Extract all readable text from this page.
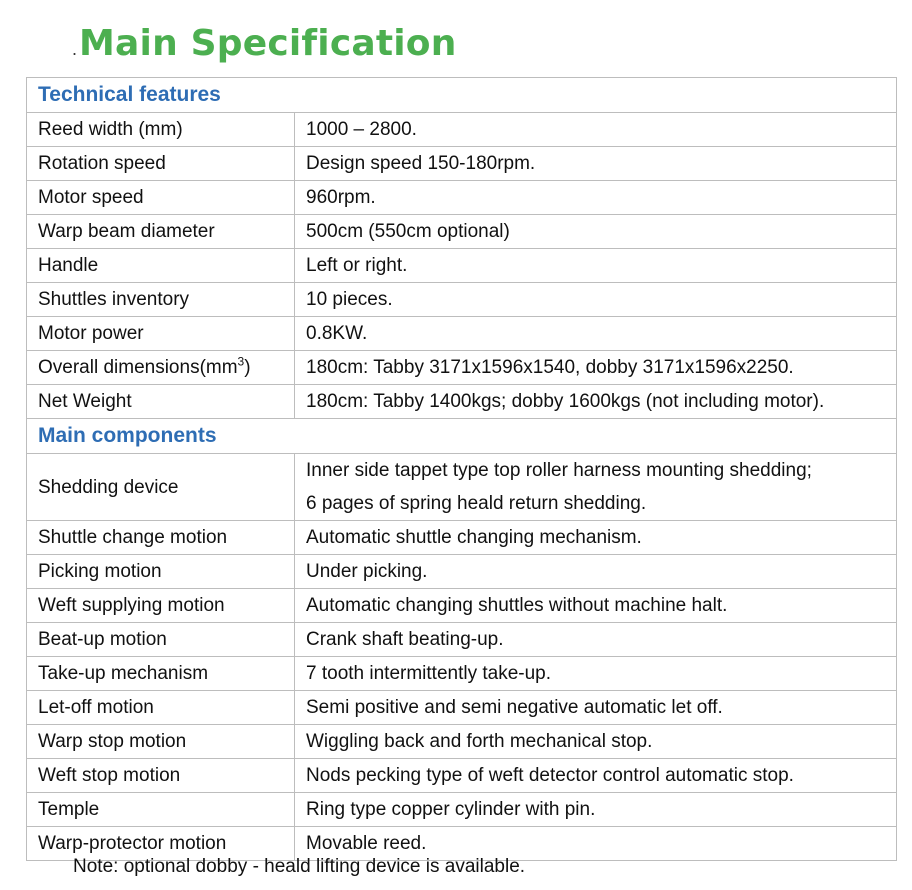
. Main Specification
Technical features	
Reed width (mm)	1000 – 2800.
Rotation speed	Design speed 150-180rpm.
Motor speed	960rpm.
Warp beam diameter	500cm (550cm optional)
Handle	Left or right.
Shuttles inventory	10 pieces.
Motor power	0.8KW.
Overall $dimensions(mm^3)$	180cm: Tabby 3171x1596x1540, dobby 3171x1596x2250.
Net Weight	180cm: Tabby 1400kgs; dobby 1600kgs (not including motor).
Main components	
Shedding device	Inner side tappet type top roller harness mounting shedding;
6 pages of spring heald return shedding.

Shuttle change motion	Automatic shuttle changing mechanism.
Picking motion	Under picking.
Weft supplying motion	Automatic changing shuttles without machine halt.
Beat-up motion	Crank shaft beating-up.
Take-up mechanism	7 tooth intermittently take-up.
Let-off motion	Semi positive and semi negative automatic let off.
Warp stop motion	Wiggling back and forth mechanical stop.
Weft stop motion	Nods pecking type of weft detector control automatic stop.
Temple	Ring type copper cylinder with pin.
Warp-protector motion	Movable reed.
Note: optional dobby - heald lifting device is available.
